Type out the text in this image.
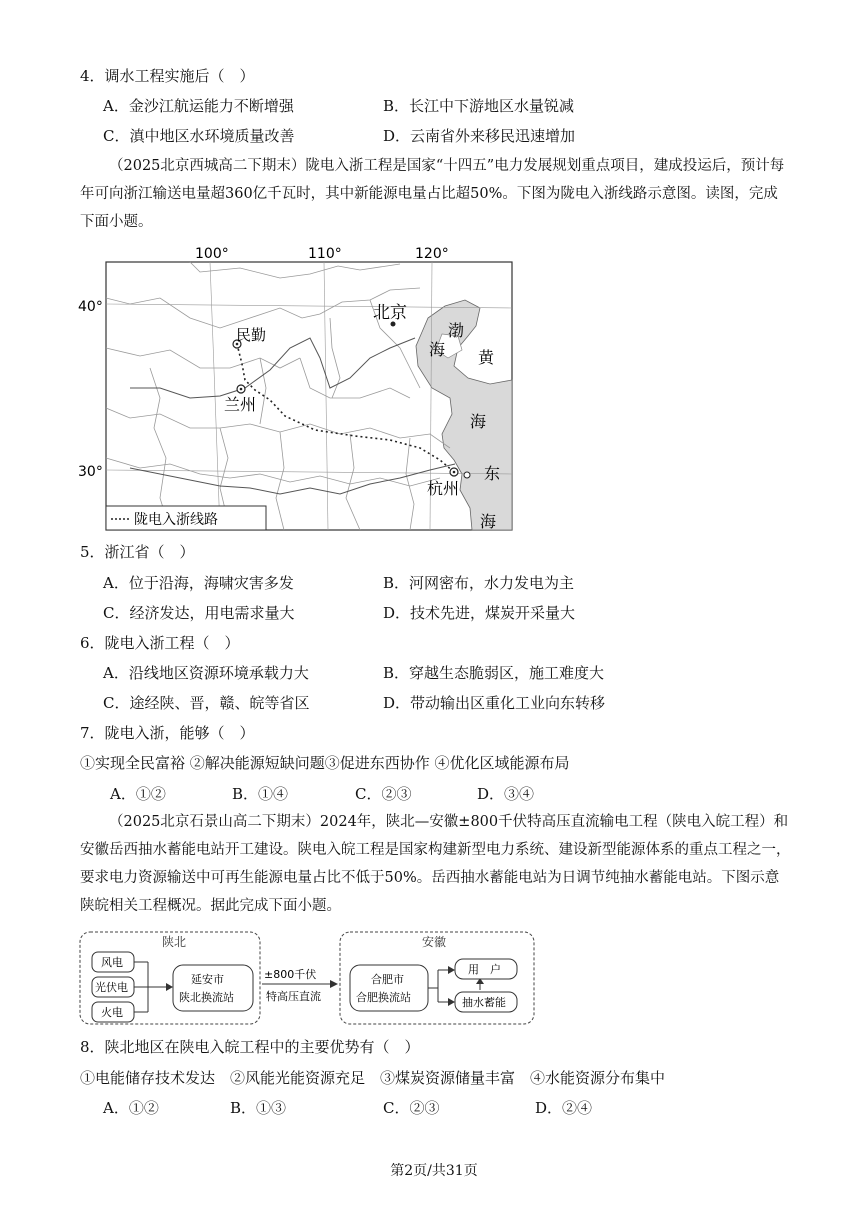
4．调水工程实施后（　）
A．金沙江航运能力不断增强	B．长江中下游地区水量锐减
C．滇中地区水环境质量改善	D．云南省外来移民迅速增加
（2025北京西城高二下期末）陇电入浙工程是国家“十四五”电力发展规划重点项目，建成投运后，预计每年可向浙江输送电量超360亿千瓦时，其中新能源电量占比超50%。下图为陇电入浙线路示意图。读图，完成下面小题。
100°	110°	120°
40°
30°
北京
民勤
兰州
杭州
渤
海 黄
海
东
海
陇电入浙线路
5．浙江省（　）
A．位于沿海，海啸灾害多发	B．河网密布，水力发电为主
C．经济发达，用电需求量大	D．技术先进，煤炭开采量大
6．陇电入浙工程（　）
A．沿线地区资源环境承载力大	B．穿越生态脆弱区，施工难度大
C．途经陕、晋，赣、皖等省区	D．带动输出区重化工业向东转移
7．陇电入浙，能够（　）
①实现全民富裕 ②解决能源短缺问题③促进东西协作 ④优化区域能源布局
A．①②	B．①④	C．②③	D．③④
（2025北京石景山高二下期末）2024年，陕北—安徽±800千伏特高压直流输电工程（陕电入皖工程）和安徽岳西抽水蓄能电站开工建设。陕电入皖工程是国家构建新型电力系统、建设新型能源体系的重点工程之一，要求电力资源输送中可再生能源电量占比不低于50%。岳西抽水蓄能电站为日调节纯抽水蓄能电站。下图示意陕皖相关工程概况。据此完成下面小题。
陕北
风电
光伏电
火电
延安市
陕北换流站
±800千伏
特高压直流
安徽
合肥市
合肥换流站
用　户
抽水蓄能
8．陕北地区在陕电入皖工程中的主要优势有（　）
①电能储存技术发达　②风能光能资源充足　③煤炭资源储量丰富　④水能资源分布集中
A．①②	B．①③	C．②③	D．②④
第2页/共31页
